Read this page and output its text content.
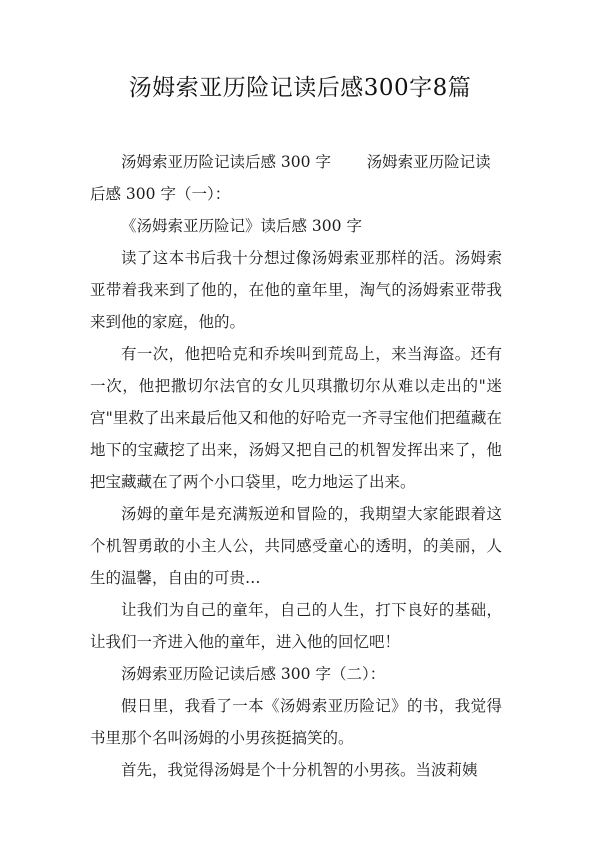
汤姆索亚历险记读后感300字8篇

汤姆索亚历险记读后感 300 字 汤姆索亚历险记读

后感 300 字（一）：

《汤姆索亚历险记》读后感 300 字

读了这本书后我十分想过像汤姆索亚那样的活。汤姆索亚带着我来到了他的，在他的童年里，淘气的汤姆索亚带我来到他的家庭，他的。

有一次，他把哈克和乔埃叫到荒岛上，来当海盗。还有一次，他把撒切尔法官的女儿贝琪撒切尔从难以走出的"迷宫"里救了出来最后他又和他的好哈克一齐寻宝他们把蕴藏在地下的宝藏挖了出来，汤姆又把自己的机智发挥出来了，他把宝藏藏在了两个小口袋里，吃力地运了出来。

汤姆的童年是充满叛逆和冒险的，我期望大家能跟着这个机智勇敢的小主人公，共同感受童心的透明，的美丽，人生的温馨，自由的可贵…

让我们为自己的童年，自己的人生，打下良好的基础，让我们一齐进入他的童年，进入他的回忆吧！

汤姆索亚历险记读后感 300 字（二）：

假日里，我看了一本《汤姆索亚历险记》的书，我觉得书里那个名叫汤姆的小男孩挺搞笑的。

首先，我觉得汤姆是个十分机智的小男孩。当波莉姨
